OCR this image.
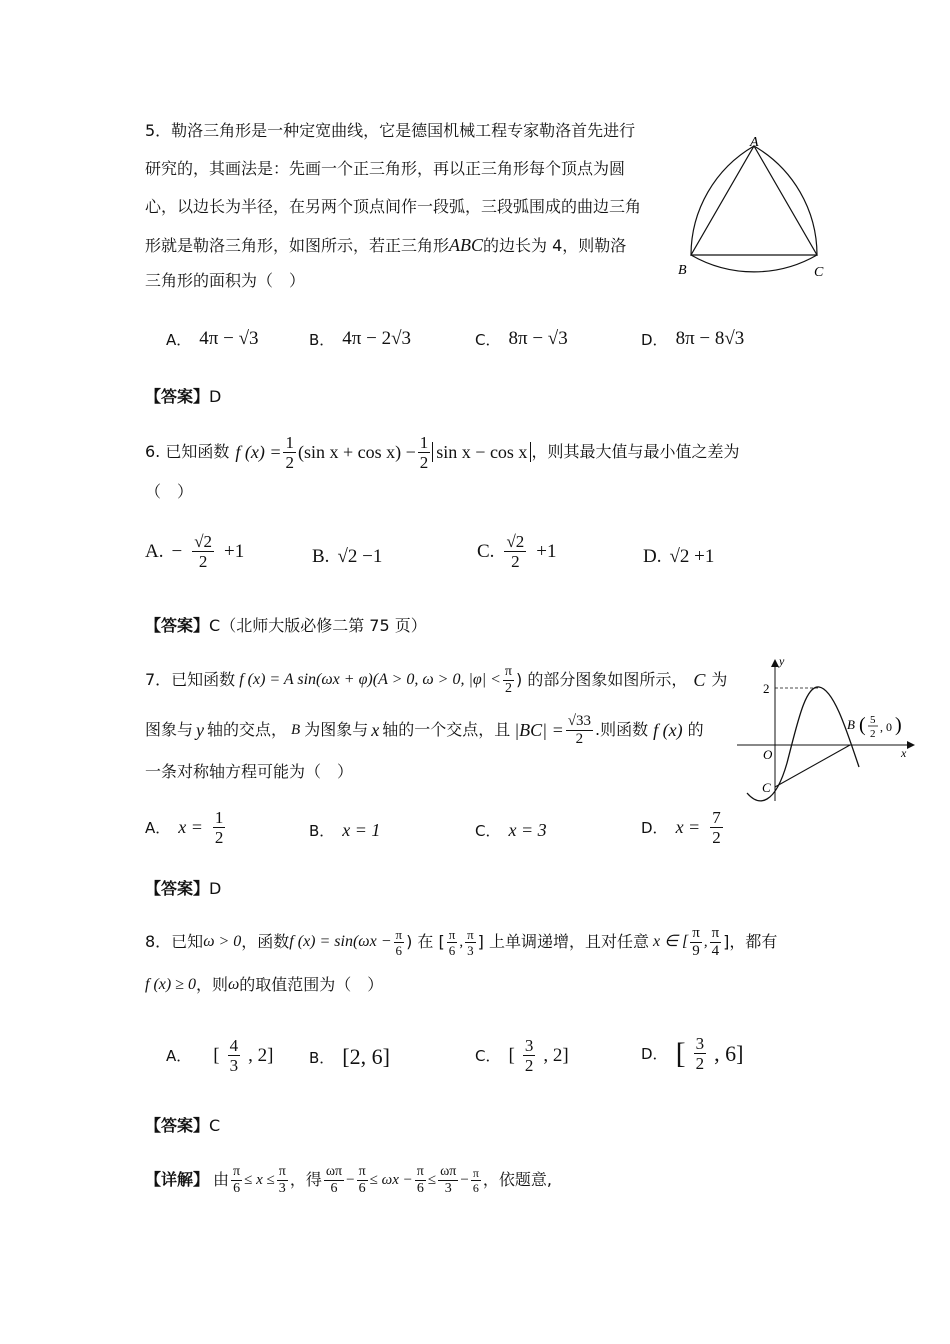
5．勒洛三角形是一种定宽曲线，它是德国机械工程专家勒洛首先进行
研究的，其画法是：先画一个正三角形，再以正三角形每个顶点为圆
心，以边长为半径，在另两个顶点间作一段弧，三段弧围成的曲边三角
形就是勒洛三角形，如图所示，若正三角形ABC的边长为 4，则勒洛
三角形的面积为（　）
A
B	C
A． 4π − √3	B． 4π − 2√3	C． 8π − √3	D． 8π − 8√3
【答案】D
6. 已知函数 f $(x) = \frac{1}{2} (\sin$ $x + \cos x) - \frac{1}{2}$ sin x − cos x ，则其最大值与最小值之差为
（　）
A. − $\frac{√2}{2} +1$	B. √2 −1	C. $\frac{√2}{2} +1$	D. √2 +1
【答案】C（北师大版必修二第 75 页）
7．已知函数 f (x) = A sin(ωx + φ)(A > 0, ω > 0, $|\varphi| < \frac{\pi}{2}$ ) 的部分图象如图所示， C 为
图象与 y 轴的交点， B 为图象与 x 轴的一个交点，且 $|BC| = \frac{√33}{2}$ .则函数 f (x) 的
一条对称轴方程可能为（　）
y
x
2
O
C
B ( 5
2 , 0 )
A． $x = \frac{1}{2}$	B． x = 1	C． x = 3	D． $x = \frac{7}{2}$
【答案】D
8．已知 ω > 0 ，函数 f $(x) = \sin(\omega x - \frac{\pi}{6}$ ) 在 [ $\frac{\pi}{6}$ , $\frac{\pi}{3}$ ] 上单调递增，且对任意 x ∈ [ $\frac{\pi}{9}$ , $\frac{\pi}{4}$ ]，都有
f (x) ≥ 0 ，则 ω 的取值范围为（　）
A． [ $\frac{4}{3}$ , 2] B． [2, 6]	C． [ $\frac{3}{2}$ , 2]	D． [ $\frac{3}{2}$ , 6]
【答案】C
【详解】 由 $\frac{\pi}{6} \le x \le \frac{\pi}{3}$ ，得 $\frac{\omega\pi}{6} - \frac{\pi}{6} \le \omega x - \frac{\pi}{6} \le \frac{\omega\pi}{3} - \frac{\pi}{6}$ ，依题意,
